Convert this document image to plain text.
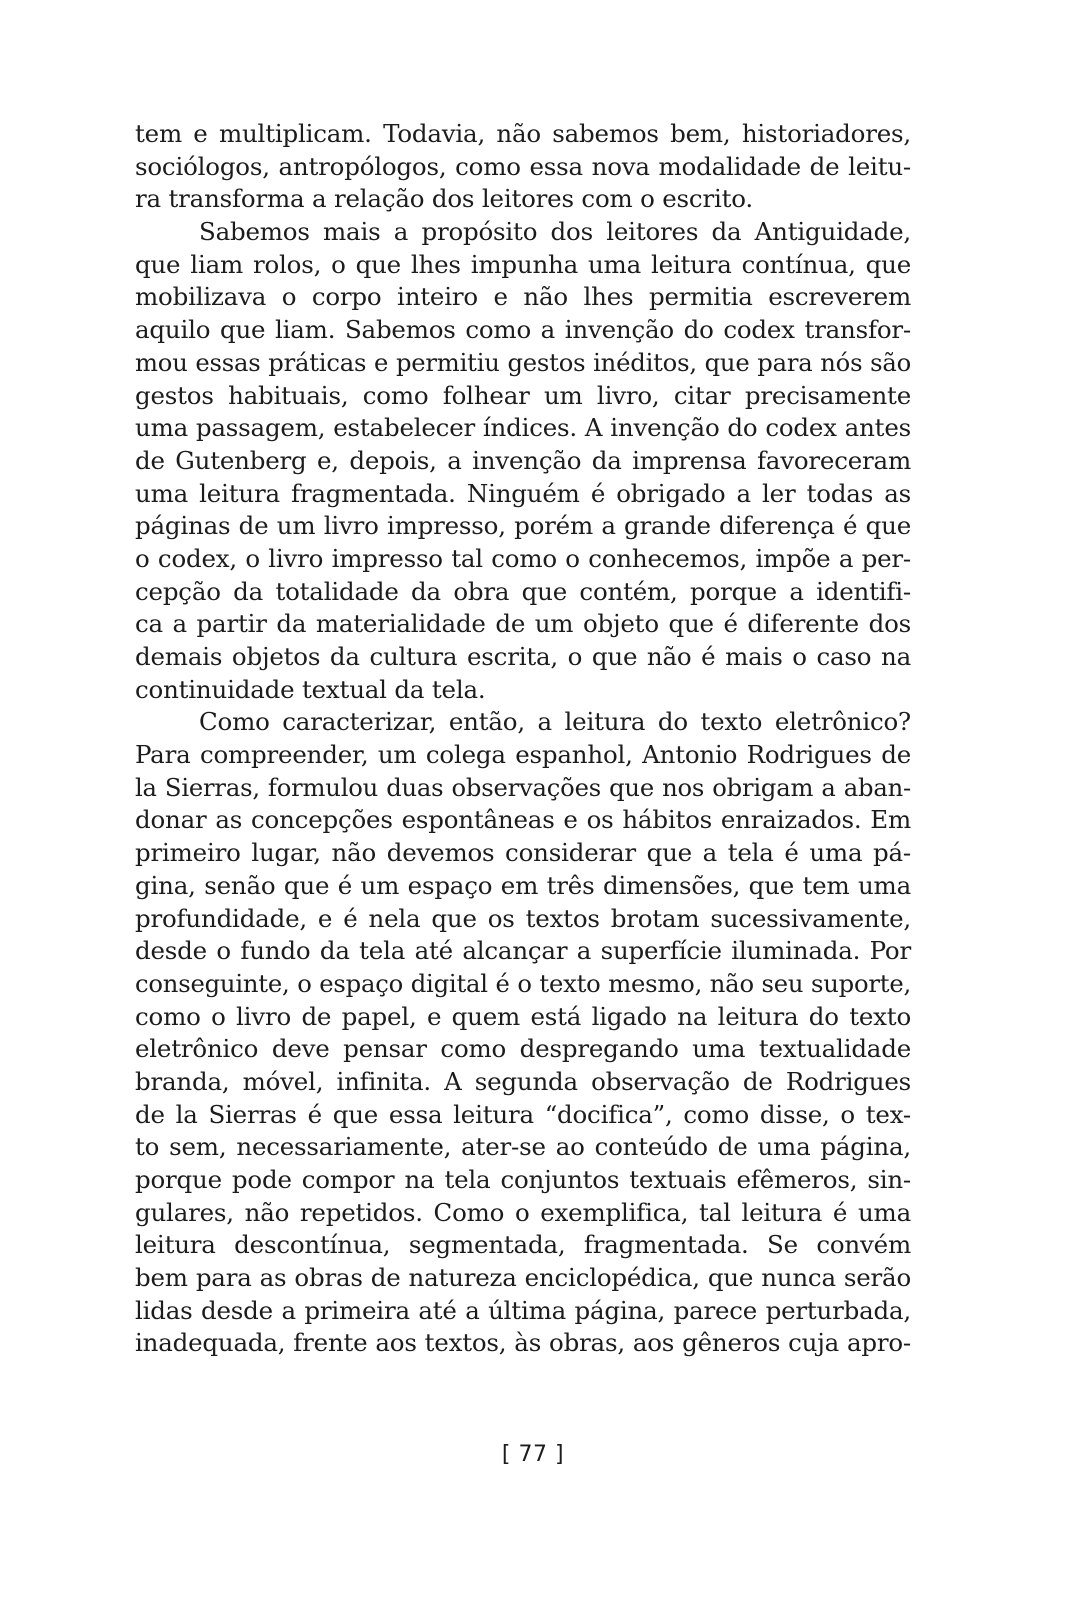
tem e multiplicam. Todavia, não sabemos bem, historiadores,
sociólogos, antropólogos, como essa nova modalidade de leitu-
ra transforma a relação dos leitores com o escrito.
Sabemos mais a propósito dos leitores da Antiguidade,
que liam rolos, o que lhes impunha uma leitura contínua, que
mobilizava o corpo inteiro e não lhes permitia escreverem
aquilo que liam. Sabemos como a invenção do codex transfor-
mou essas práticas e permitiu gestos inéditos, que para nós são
gestos habituais, como folhear um livro, citar precisamente
uma passagem, estabelecer índices. A invenção do codex antes
de Gutenberg e, depois, a invenção da imprensa favoreceram
uma leitura fragmentada. Ninguém é obrigado a ler todas as
páginas de um livro impresso, porém a grande diferença é que
o codex, o livro impresso tal como o conhecemos, impõe a per-
cepção da totalidade da obra que contém, porque a identifi-
ca a partir da materialidade de um objeto que é diferente dos
demais objetos da cultura escrita, o que não é mais o caso na
continuidade textual da tela.
Como caracterizar, então, a leitura do texto eletrônico?
Para compreender, um colega espanhol, Antonio Rodrigues de
la Sierras, formulou duas observações que nos obrigam a aban-
donar as concepções espontâneas e os hábitos enraizados. Em
primeiro lugar, não devemos considerar que a tela é uma pá-
gina, senão que é um espaço em três dimensões, que tem uma
profundidade, e é nela que os textos brotam sucessivamente,
desde o fundo da tela até alcançar a superfície iluminada. Por
conseguinte, o espaço digital é o texto mesmo, não seu suporte,
como o livro de papel, e quem está ligado na leitura do texto
eletrônico deve pensar como despregando uma textualidade
branda, móvel, infinita. A segunda observação de Rodrigues
de la Sierras é que essa leitura “docifica”, como disse, o tex-
to sem, necessariamente, ater-se ao conteúdo de uma página,
porque pode compor na tela conjuntos textuais efêmeros, sin-
gulares, não repetidos. Como o exemplifica, tal leitura é uma
leitura descontínua, segmentada, fragmentada. Se convém
bem para as obras de natureza enciclopédica, que nunca serão
lidas desde a primeira até a última página, parece perturbada,
inadequada, frente aos textos, às obras, aos gêneros cuja apro-
[ 77 ]
